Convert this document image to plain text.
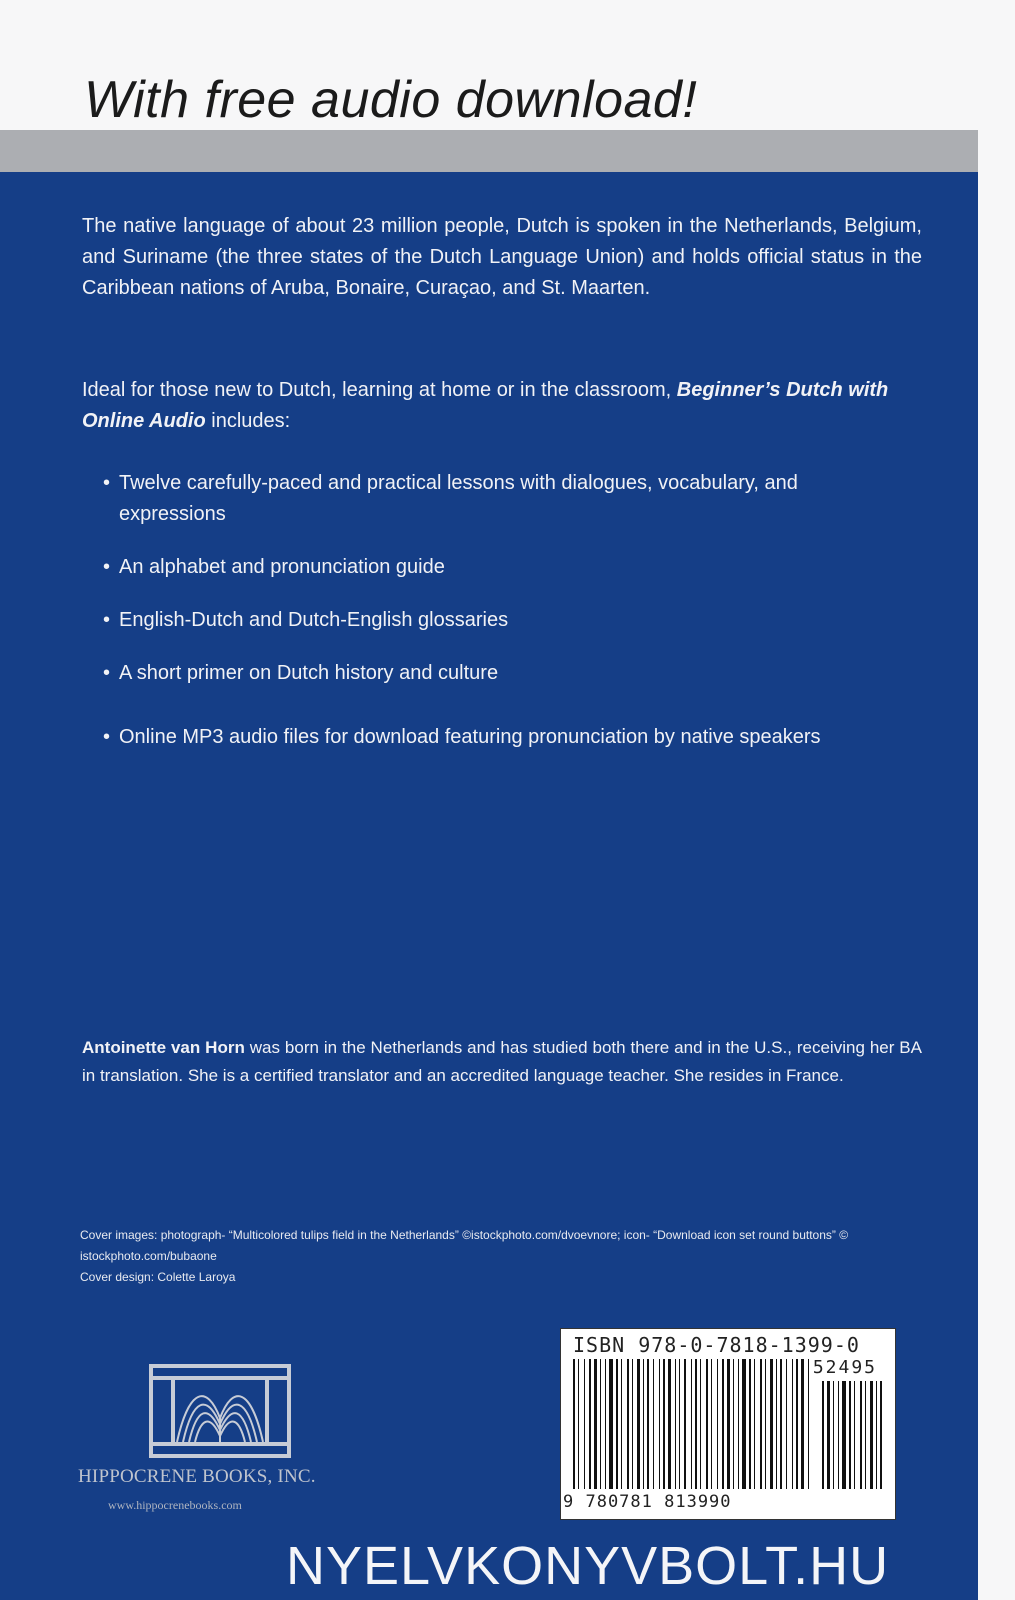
With free audio download!

The native language of about 23 million people, Dutch is spoken in the Netherlands, Belgium, and Suriname (the three states of the Dutch Language Union) and holds official status in the Caribbean nations of Aruba, Bonaire, Curaçao, and St. Maarten.

Ideal for those new to Dutch, learning at home or in the classroom, Beginner’s Dutch with Online Audio includes:

• Twelve carefully-paced and practical lessons with dialogues, vocabulary, and expressions
• An alphabet and pronunciation guide
• English-Dutch and Dutch-English glossaries
• A short primer on Dutch history and culture
• Online MP3 audio files for download featuring pronunciation by native speakers

Antoinette van Horn was born in the Netherlands and has studied both there and in the U.S., receiving her BA in translation. She is a certified translator and an accredited language teacher. She resides in France.

Cover images: photograph- “Multicolored tulips field in the Netherlands” ©istockphoto.com/dvoevnore; icon- “Download icon set round buttons” © istockphoto.com/bubaone
Cover design: Colette Laroya
HIPPOCRENE BOOKS, INC.
www.hippocrenebooks.com
ISBN 978-0-7818-1399-0
52495
9 780781 813990
NYELVKONYVBOLT.HU
